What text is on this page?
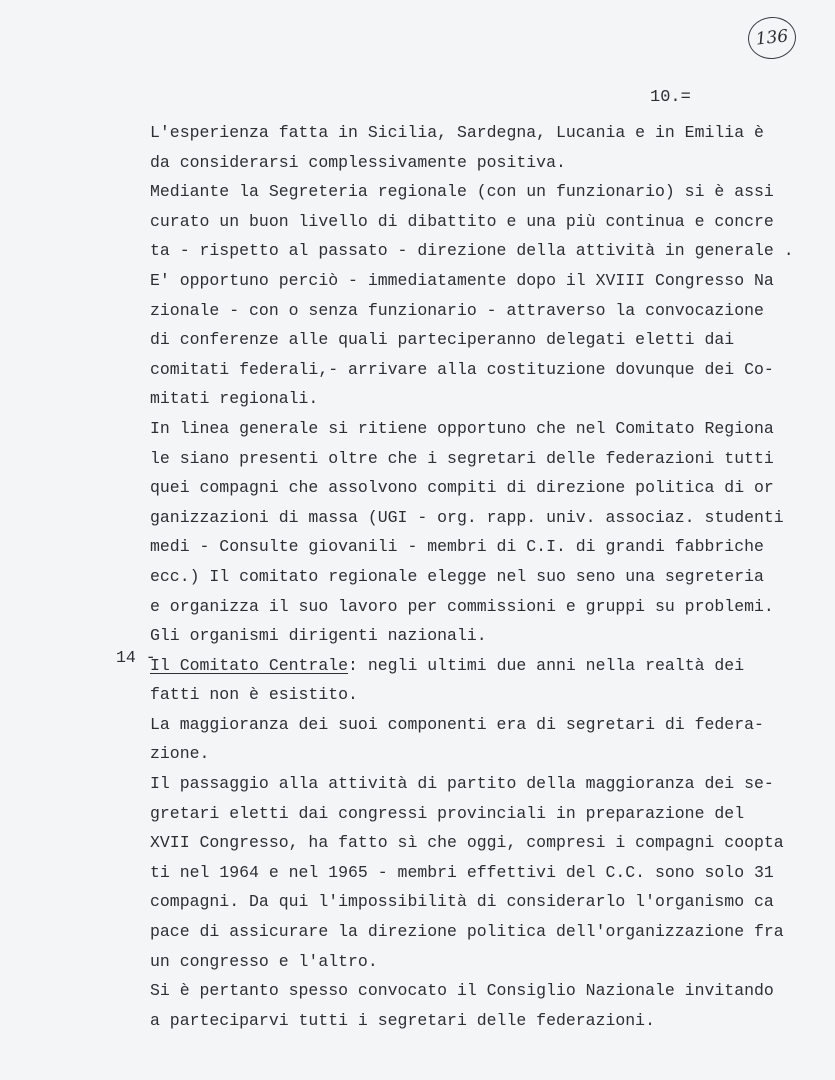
136
10.=
14 -
L'esperienza fatta in Sicilia, Sardegna, Lucania e in Emilia è
da considerarsi complessivamente positiva.
Mediante la Segreteria regionale (con un funzionario) si è assi
curato un buon livello di dibattito e una più continua e concre
ta - rispetto al passato - direzione della attività in generale .
E' opportuno perciò - immediatamente dopo il XVIII Congresso Na
zionale - con o senza funzionario - attraverso la convocazione
di conferenze alle quali parteciperanno delegati eletti dai
comitati federali,- arrivare alla costituzione dovunque dei Co-
mitati regionali.
In linea generale si ritiene opportuno che nel Comitato Regiona
le siano presenti oltre che i segretari delle federazioni tutti
quei compagni che assolvono compiti di direzione politica di or
ganizzazioni di massa (UGI - org. rapp. univ. associaz. studenti
medi - Consulte giovanili - membri di C.I. di grandi fabbriche
ecc.) Il comitato regionale elegge nel suo seno una segreteria
e organizza il suo lavoro per commissioni e gruppi su problemi.
Gli organismi dirigenti nazionali.
Il Comitato Centrale: negli ultimi due anni nella realtà dei
fatti non è esistito.
La maggioranza dei suoi componenti era di segretari di federa-
zione.
Il passaggio alla attività di partito della maggioranza dei se-
gretari eletti dai congressi provinciali in preparazione del
XVII Congresso, ha fatto sì che oggi, compresi i compagni coopta
ti nel 1964 e nel 1965 - membri effettivi del C.C. sono solo 31
compagni. Da qui l'impossibilità di considerarlo l'organismo ca
pace di assicurare la direzione politica dell'organizzazione fra
un congresso e l'altro.
Si è pertanto spesso convocato il Consiglio Nazionale invitando
a parteciparvi tutti i segretari delle federazioni.
